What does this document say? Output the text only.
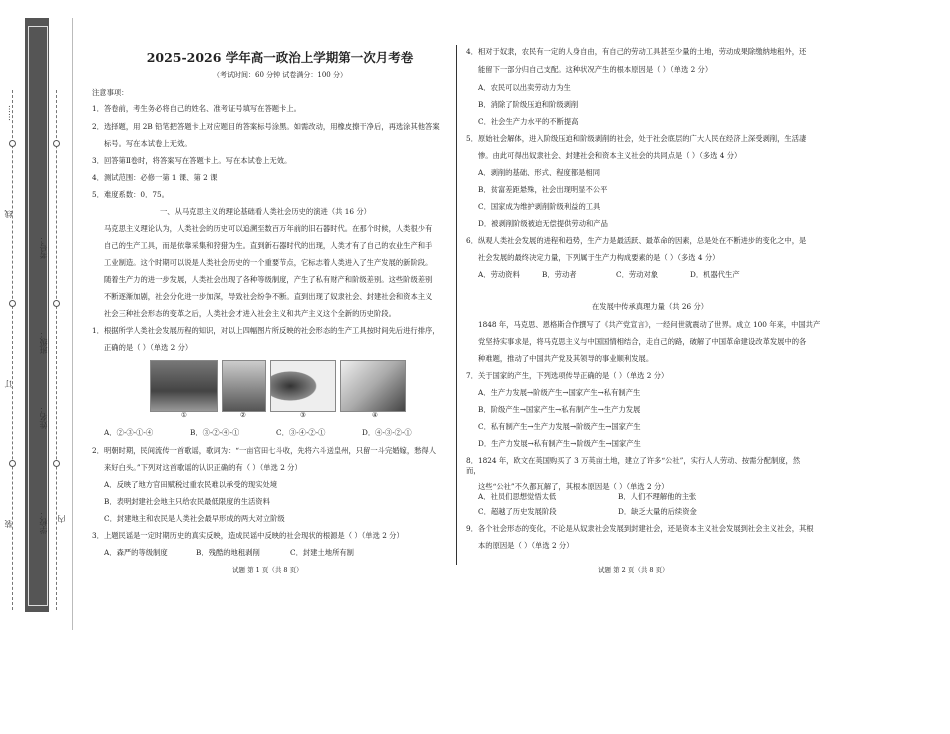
……
线
订
装	学校：
姓名：
班级：
考号：
内
2025-2026 学年高一政治上学期第一次月考卷
（考试时间：60 分钟 试卷满分：100 分）
注意事项：
1．答卷前，考生务必将自己的姓名、准考证号填写在答题卡上。
2．选择题，用 2B 铅笔把答题卡上对应题目的答案标号涂黑。如需改动，用橡皮擦干净后，再选涂其他答案
标号。写在本试卷上无效。
3．回答第Ⅱ卷时，将答案写在答题卡上。写在本试卷上无效。
4．测试范围：必修一第 1 课、第 2 课
5．难度系数：0．75。
一、从马克思主义的理论基础看人类社会历史的演进（共 16 分）
马克思主义理论认为，人类社会的历史可以追溯至数百万年前的旧石器时代。在那个时候，人类很少有
自己的生产工具，而是依靠采集和狩猎为生。直到新石器时代的出现，人类才有了自己的农业生产和手
工业制造。这个时期可以说是人类社会历史的一个重要节点，它标志着人类进入了生产发展的新阶段。
随着生产力的进一步发展，人类社会出现了各种等级制度，产生了私有财产和阶级差别。这些阶级差别
不断逐渐加剧，社会分化进一步加深，导致社会纷争不断。直到出现了奴隶社会、封建社会和资本主义
社会三种社会形态的变革之后，人类社会才进入社会主义和共产主义这个全新的历史阶段。
1．根据所学人类社会发展历程的知识，对以上四幅图片所反映的社会形态的生产工具按时间先后进行排序，
正确的是（ ）（单选 2 分）
①	②	③	④
A．②-③-①-④	B．③-②-④-①	C．③-④-②-①	D．④-③-②-①
2．明朝时期，民间流传一首歌谣，歌词为：“一亩官田七斗收，先将六斗送皇州，只留一斗完婚嫁，愁得人
来好白头。”下列对这首歌谣的认识正确的有（ ）（单选 2 分）
A．反映了地方官田赋税过重农民难以承受的现实处境
B．表明封建社会地主只给农民最低限度的生活资料
C．封建地主和农民是人类社会最早形成的两大对立阶级
3．上题民谣是一定时期历史的真实反映，造成民谣中反映的社会现状的根源是（ ）（单选 2 分）
A．森严的等级制度	B．残酷的地租剥削	C．封建土地所有制
试题 第 1 页（共 8 页）
4．相对于奴隶，农民有一定的人身自由，有自己的劳动工具甚至少量的土地，劳动成果除缴纳地租外，还
能留下一部分归自己支配。这种状况产生的根本原因是（ ）（单选 2 分）
A．农民可以出卖劳动力为生
B．消除了阶级压迫和阶级剥削
C．社会生产力水平的不断提高
5．原始社会解体，进入阶级压迫和阶级剥削的社会，处于社会底层的广大人民在经济上深受剥削，生活凄
惨。由此可得出奴隶社会、封建社会和资本主义社会的共同点是（ ）（多选 4 分）
A．剥削的基础、形式、程度都是相同
B．贫富差距悬殊，社会出现明显不公平
C．国家成为维护剥削阶级利益的工具
D．被剥削阶级被迫无偿提供劳动和产品
6．纵观人类社会发展的进程和趋势，生产力是最活跃、最革命的因素，总是处在不断进步的变化之中，是
社会发展的最终决定力量，下列属于生产力构成要素的是（ ）（多选 4 分）
A．劳动资料	B．劳动者	C．劳动对象	D．机器代生产
在发展中传承真理力量（共 26 分）
1848 年，马克思、恩格斯合作撰写了《共产党宣言》，一经问世就震动了世界。成立 100 年来，中国共产
党坚持实事求是，将马克思主义与中国国情相结合，走自己的路，破解了中国革命建设改革发展中的各
种难题，推动了中国共产党及其领导的事业顺利发展。
7．关于国家的产生，下列选项传导正确的是（ ）（单选 2 分）
A．生产力发展→阶级产生→国家产生→私有制产生
B．阶级产生→国家产生→私有制产生→生产力发展
C．私有制产生→生产力发展→阶级产生→国家产生
D．生产力发展→私有制产生→阶级产生→国家产生
8．1824 年，欧文在英国购买了 3 万英亩土地，建立了许多“公社”，实行人人劳动、按需分配制度，然
而，
这些“公社”不久都瓦解了，其根本原因是（ ）（单选 2 分）
A．社员们思想觉悟太低	B．人们不理解他的主张
C．超越了历史发展阶段	D．缺乏大量的后续资金
9．各个社会形态的变化，不论是从奴隶社会发展到封建社会，还是资本主义社会发展到社会主义社会，其根
本的原因是（ ）（单选 2 分）
试题 第 2 页（共 8 页）
